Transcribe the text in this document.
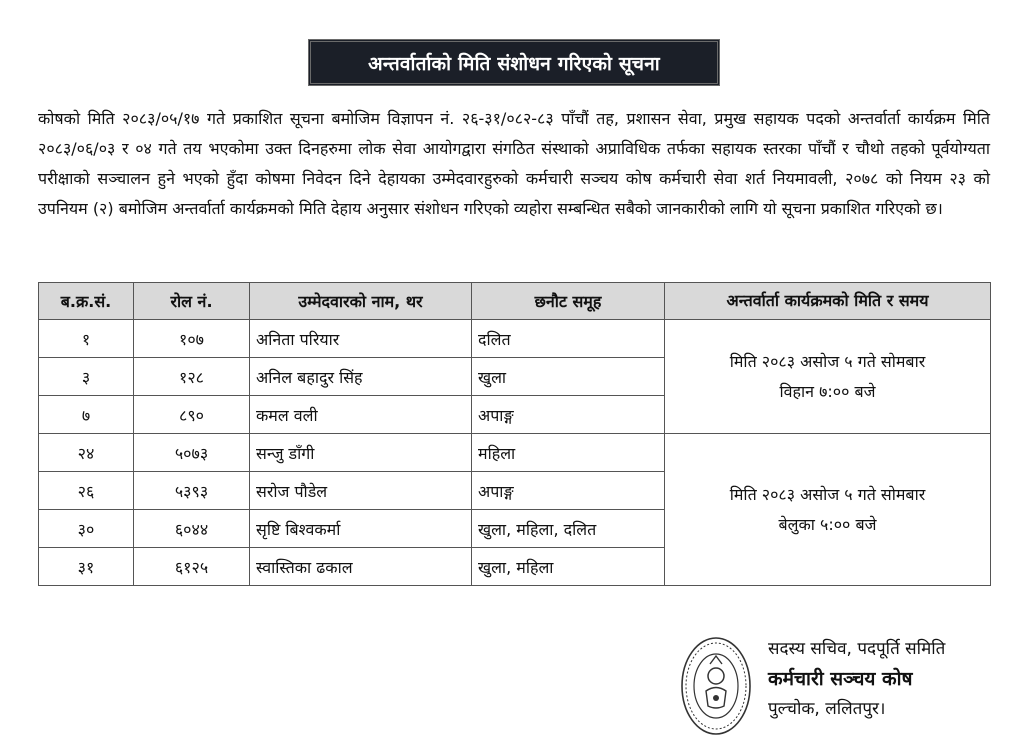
अन्तर्वार्ताको मिति संशोधन गरिएको सूचना

कोषको मिति २०८३/०५/१७ गते प्रकाशित सूचना बमोजिम विज्ञापन नं. २६-३१/०८२-८३ पाँचौं तह, प्रशासन सेवा, प्रमुख सहायक पदको अन्तर्वार्ता कार्यक्रम मिति २०८३/०६/०३ र ०४ गते तय भएकोमा उक्त दिनहरुमा लोक सेवा आयोगद्वारा संगठित संस्थाको अप्राविधिक तर्फका सहायक स्तरका पाँचौं र चौथो तहको पूर्वयोग्यता परीक्षाको सञ्चालन हुने भएको हुँदा कोषमा निवेदन दिने देहायका उम्मेदवारहुरुको कर्मचारी सञ्चय कोष कर्मचारी सेवा शर्त नियमावली, २०७८ को नियम २३ को उपनियम (२) बमोजिम अन्तर्वार्ता कार्यक्रमको मिति देहाय अनुसार संशोधन गरिएको व्यहोरा सम्बन्धित सबैको जानकारीको लागि यो सूचना प्रकाशित गरिएको छ।

ब.क्र.सं.	रोल नं.	उम्मेदवारको नाम, थर	छनौट समूह	अन्तर्वार्ता कार्यक्रमको मिति र समय
१	१०७	अनिता परियार	दलित	मिति २०८३ असोज ५ गते सोमबार
विहान ७:०० बजे

३	१२८	अनिल बहादुर सिंह	खुला	
७	८९०	कमल वली	अपाङ्ग	
२४	५०७३	सन्जु डाँगी	महिला	मिति २०८३ असोज ५ गते सोमबार
बेलुका ५:०० बजे

२६	५३९३	सरोज पौडेल	अपाङ्ग	
३०	६०४४	सृष्टि बिश्वकर्मा	खुला, महिला, दलित	
३१	६१२५	स्वास्तिका ढकाल	खुला, महिला	
सदस्य सचिव, पदपूर्ति समिति
कर्मचारी सञ्चय कोष
पुल्चोक, ललितपुर।
